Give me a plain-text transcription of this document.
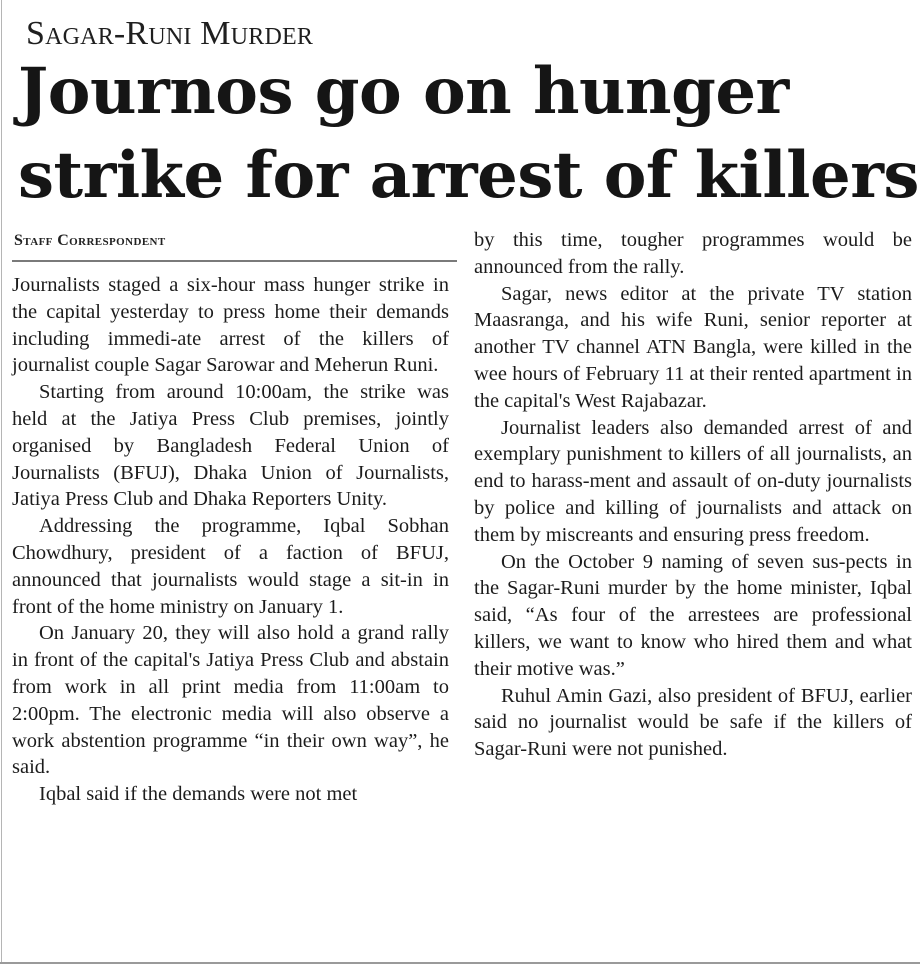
Sagar-Runi Murder
Journos go on hunger
strike for arrest of killers
Staff Correspondent

Journalists staged a six-hour mass hunger strike in the capital yesterday to press home their demands including immedi-ate arrest of the killers of journalist couple Sagar Sarowar and Meherun Runi.

Starting from around 10:00am, the strike was held at the Jatiya Press Club premises, jointly organised by Bangladesh Federal Union of Journalists (BFUJ), Dhaka Union of Journalists, Jatiya Press Club and Dhaka Reporters Unity.

Addressing the programme, Iqbal Sobhan Chowdhury, president of a faction of BFUJ, announced that journalists would stage a sit-in in front of the home ministry on January 1.

On January 20, they will also hold a grand rally in front of the capital's Jatiya Press Club and abstain from work in all print media from 11:00am to 2:00pm. The electronic media will also observe a work abstention programme “in their own way”, he said.

Iqbal said if the demands were not met

by this time, tougher programmes would be announced from the rally.

Sagar, news editor at the private TV station Maasranga, and his wife Runi, senior reporter at another TV channel ATN Bangla, were killed in the wee hours of February 11 at their rented apartment in the capital's West Rajabazar.

Journalist leaders also demanded arrest of and exemplary punishment to killers of all journalists, an end to harass-ment and assault of on-duty journalists by police and killing of journalists and attack on them by miscreants and ensuring press freedom.

On the October 9 naming of seven sus-pects in the Sagar-Runi murder by the home minister, Iqbal said, “As four of the arrestees are professional killers, we want to know who hired them and what their motive was.”

Ruhul Amin Gazi, also president of BFUJ, earlier said no journalist would be safe if the killers of Sagar-Runi were not punished.
